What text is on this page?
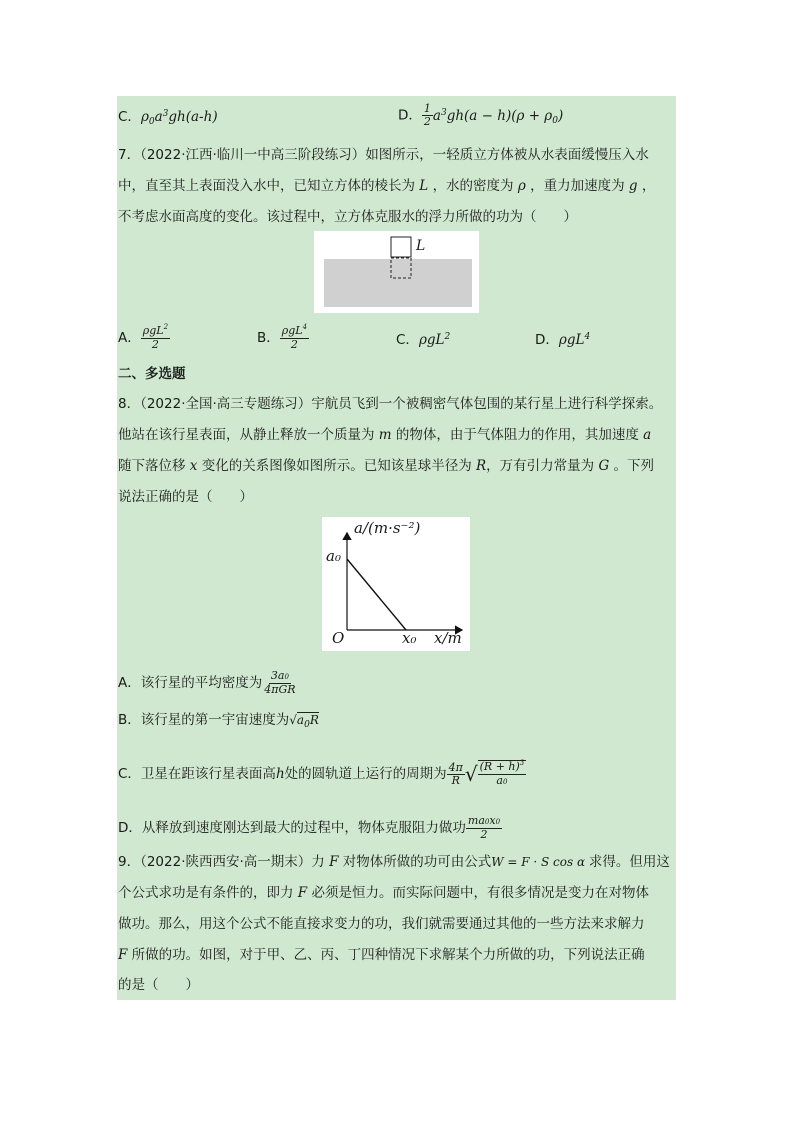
C．$\rho_0a^3gh(a-h)$	D． $\frac{1}{2} a^3gh(a - h)(\rho + \rho_0)$
7．（2022·江西·临川一中高三阶段练习）如图所示，一轻质立方体被从水表面缓慢压入水
中，直至其上表面没入水中，已知立方体的棱长为 L ，水的密度为 ρ ，重力加速度为 g ，
不考虑水面高度的变化。该过程中，立方体克服水的浮力所做的功为（　　）
L
A． $\frac{\rho gL^2}{2}$	B． $\frac{\rho gL^4}{2}$	C．ρgL$^2$	D．ρgL$^4$
二、多选题
8．（2022·全国·高三专题练习）宇航员飞到一个被稠密气体包围的某行星上进行科学探索。
他站在该行星表面，从静止释放一个质量为 m 的物体，由于气体阻力的作用，其加速度 a
随下落位移 x 变化的关系图像如图所示。已知该星球半径为 R，万有引力常量为 G 。下列
说法正确的是（　　）
a/(m·s⁻²)
a₀
O	x₀ x/m
A．该行星的平均密度为 $\frac{3a0}{\text{4πGR}}$
B．该行星的第一宇宙速度为$√a_0R$
C．卫星在距该行星表面高h处的圆轨道上运行的周期为 $\frac{4\pi}{R}$ √ $\frac{(R + h)^3}{a0}$
D．从释放到速度刚达到最大的过程中，物体克服阻力做功 $\frac{ma0x0}{2}$
9．（2022·陕西西安·高一期末）力 F 对物体所做的功可由公式W = F · S cos α 求得。但用这
个公式求功是有条件的，即力 F 必须是恒力。而实际问题中，有很多情况是变力在对物体
做功。那么，用这个公式不能直接求变力的功，我们就需要通过其他的一些方法来求解力
F 所做的功。如图，对于甲、乙、丙、丁四种情况下求解某个力所做的功，下列说法正确
的是（　　）
